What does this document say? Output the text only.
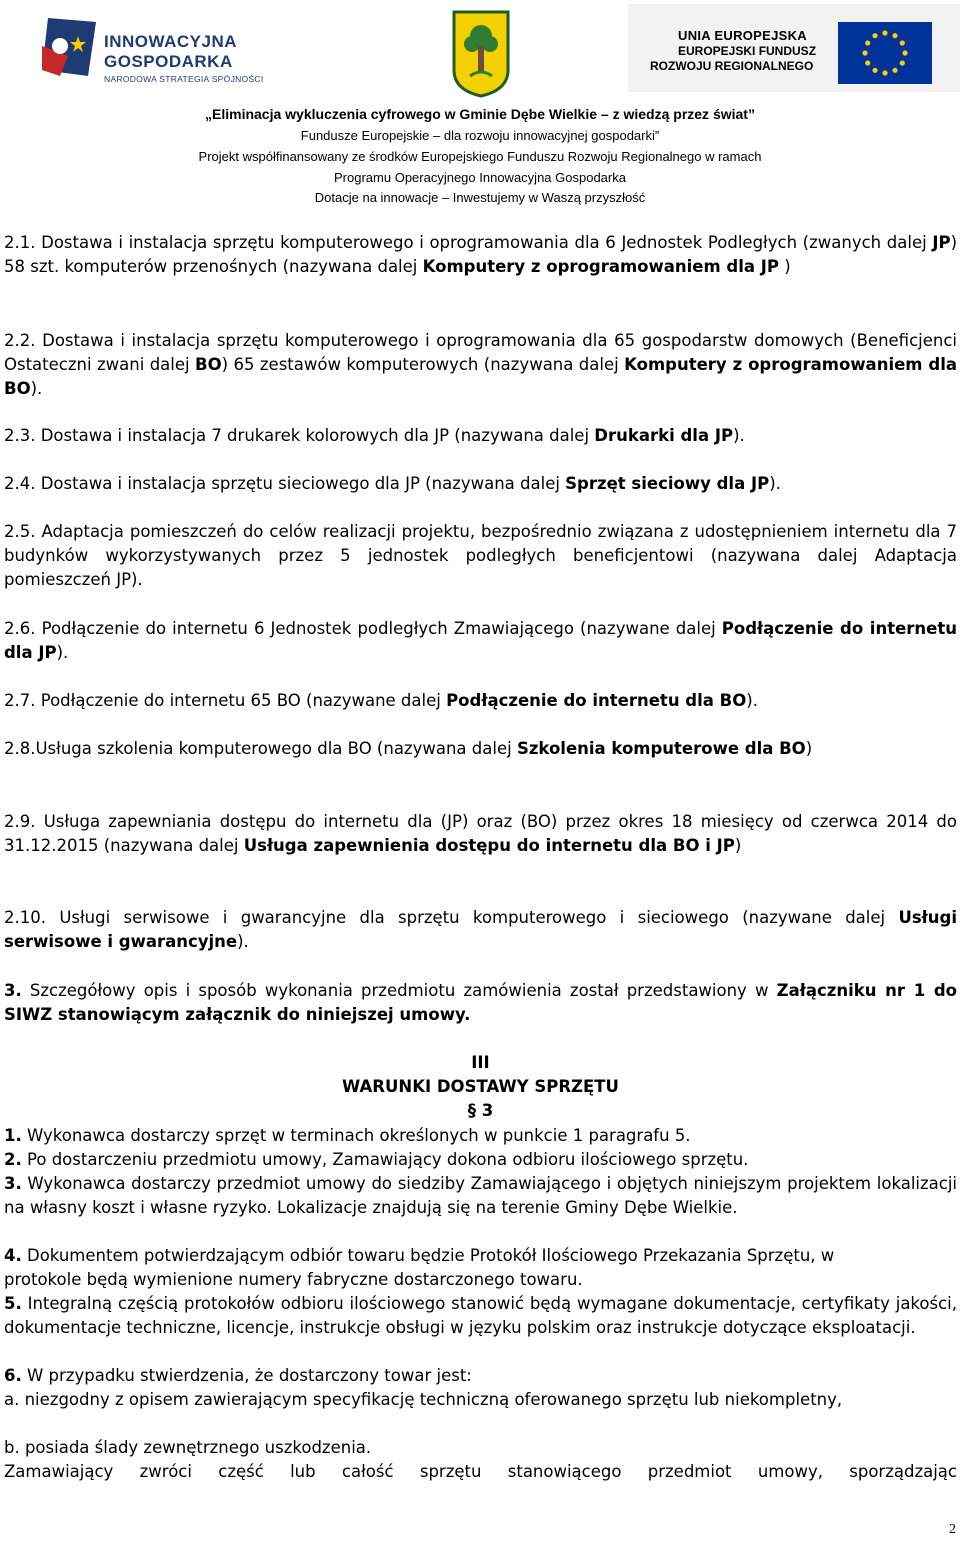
INNOWACYJNA
GOSPODARKA
NARODOWA STRATEGIA SPÓJNOŚCI
UNIA EUROPEJSKA
EUROPEJSKI FUNDUSZ
ROZWOJU REGIONALNEGO
„Eliminacja wykluczenia cyfrowego w Gminie Dębe Wielkie – z wiedzą przez świat”
Fundusze Europejskie – dla rozwoju innowacyjnej gospodarki”
Projekt współfinansowany ze środków Europejskiego Funduszu Rozwoju Regionalnego w ramach
Programu Operacyjnego Innowacyjna Gospodarka
Dotacje na innowacje – Inwestujemy w Waszą przyszłość
2.1. Dostawa i instalacja sprzętu komputerowego i oprogramowania dla 6 Jednostek Podległych (zwanych dalej JP) 58 szt. komputerów przenośnych (nazywana dalej Komputery z oprogramowaniem dla JP )
2.2. Dostawa i instalacja sprzętu komputerowego i oprogramowania dla 65 gospodarstw domowych (Beneficjenci Ostateczni zwani dalej BO) 65 zestawów komputerowych (nazywana dalej Komputery z oprogramowaniem dla BO).
2.3. Dostawa i instalacja 7 drukarek kolorowych dla JP (nazywana dalej Drukarki dla JP).
2.4. Dostawa i instalacja sprzętu sieciowego dla JP (nazywana dalej Sprzęt sieciowy dla JP).
2.5. Adaptacja pomieszczeń do celów realizacji projektu, bezpośrednio związana z udostępnieniem internetu dla 7 budynków wykorzystywanych przez 5 jednostek podległych beneficjentowi (nazywana dalej Adaptacja pomieszczeń JP).
2.6. Podłączenie do internetu 6 Jednostek podległych Zmawiającego (nazywane dalej Podłączenie do internetu dla JP).
2.7. Podłączenie do internetu 65 BO (nazywane dalej Podłączenie do internetu dla BO).
2.8.Usługa szkolenia komputerowego dla BO (nazywana dalej Szkolenia komputerowe dla BO)
2.9. Usługa zapewniania dostępu do internetu dla (JP) oraz (BO) przez okres 18 miesięcy od czerwca 2014 do 31.12.2015 (nazywana dalej Usługa zapewnienia dostępu do internetu dla BO i JP)
2.10. Usługi serwisowe i gwarancyjne dla sprzętu komputerowego i sieciowego (nazywane dalej Usługi serwisowe i gwarancyjne).
3. Szczegółowy opis i sposób wykonania przedmiotu zamówienia został przedstawiony w Załączniku nr 1 do SIWZ stanowiącym załącznik do niniejszej umowy.
III
WARUNKI DOSTAWY SPRZĘTU
§ 3
1. Wykonawca dostarczy sprzęt w terminach określonych w punkcie 1 paragrafu 5.
2. Po dostarczeniu przedmiotu umowy, Zamawiający dokona odbioru ilościowego sprzętu.
3. Wykonawca dostarczy przedmiot umowy do siedziby Zamawiającego i objętych niniejszym projektem lokalizacji na własny koszt i własne ryzyko. Lokalizacje znajdują się na terenie Gminy Dębe Wielkie.
4. Dokumentem potwierdzającym odbiór towaru będzie Protokół Ilościowego Przekazania Sprzętu, w protokole będą wymienione numery fabryczne dostarczonego towaru.
5. Integralną częścią protokołów odbioru ilościowego stanowić będą wymagane dokumentacje, certyfikaty jakości, dokumentacje techniczne, licencje, instrukcje obsługi w języku polskim oraz instrukcje dotyczące eksploatacji.
6. W przypadku stwierdzenia, że dostarczony towar jest:
a. niezgodny z opisem zawierającym specyfikację techniczną oferowanego sprzętu lub niekompletny,
b. posiada ślady zewnętrznego uszkodzenia.
Zamawiający zwróci część lub całość sprzętu stanowiącego przedmiot umowy, sporządzając
2
